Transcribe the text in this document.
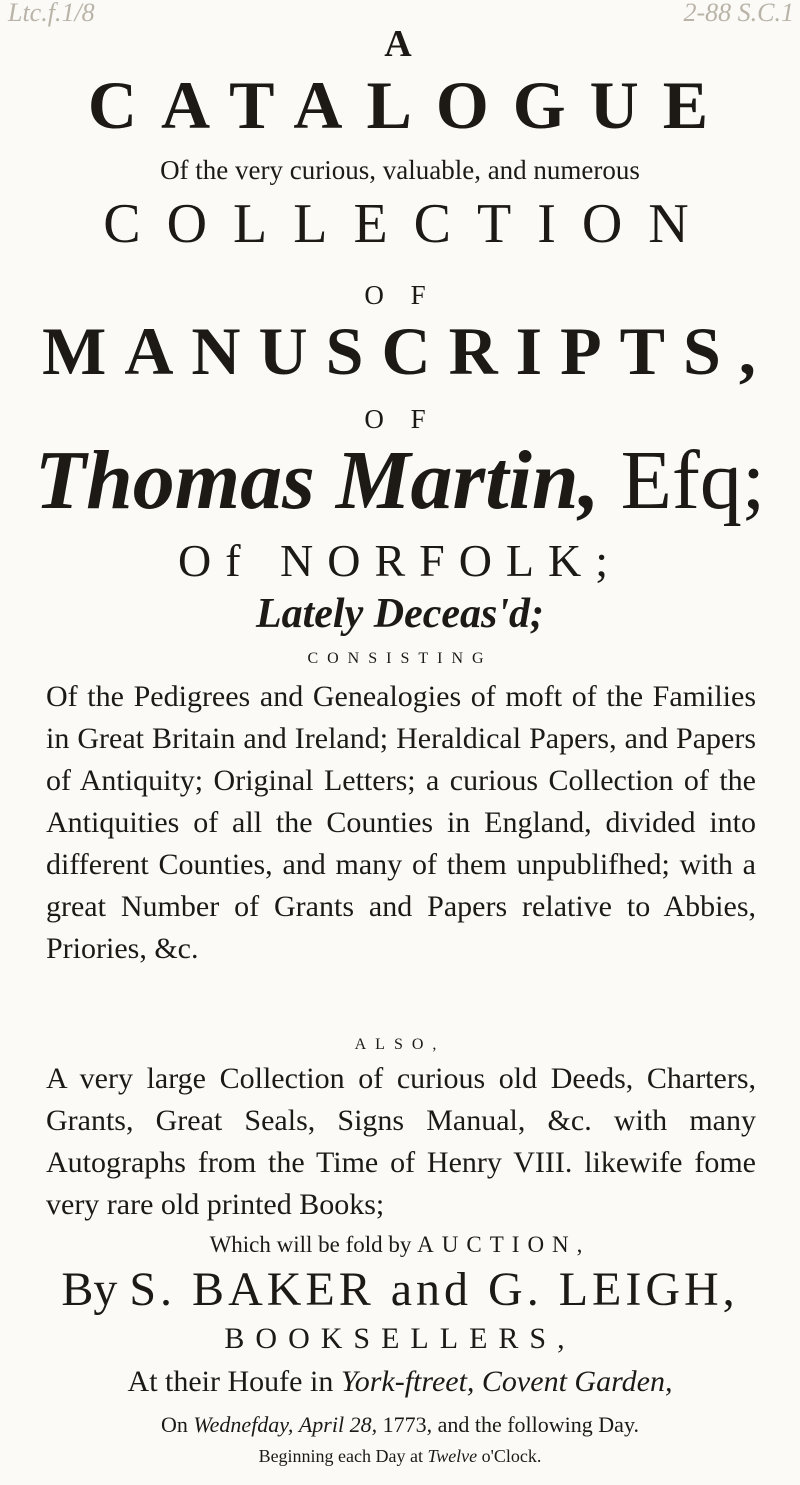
Ltc.f.1/8	2-88 S.C.1
A
CATALOGUE
Of the very curious, valuable, and numerous
COLLECTION
O F
MANUSCRIPTS,
O F
Thomas Martin, Efq;
Of NORFOLK;
Lately Deceas'd;
CONSISTING
Of the Pedigrees and Genealogies of moft of the Families in Great Britain and Ireland; Heraldical Papers, and Papers of Antiquity; Original Letters; a curious Collection of the Antiquities of all the Counties in England, divided into different Counties, and many of them unpublifhed; with a great Number of Grants and Papers relative to Abbies, Priories, &c.
ALSO,
A very large Collection of curious old Deeds, Charters, Grants, Great Seals, Signs Manual, &c. with many Autographs from the Time of Henry VIII. likewife fome very rare old printed Books;
Which will be fold by AUCTION,
By S. BAKER and G. LEIGH,
BOOKSELLERS,
At their Houfe in York-ftreet, Covent Garden,
On Wednefday, April 28, 1773, and the following Day.
Beginning each Day at Twelve o'Clock.
